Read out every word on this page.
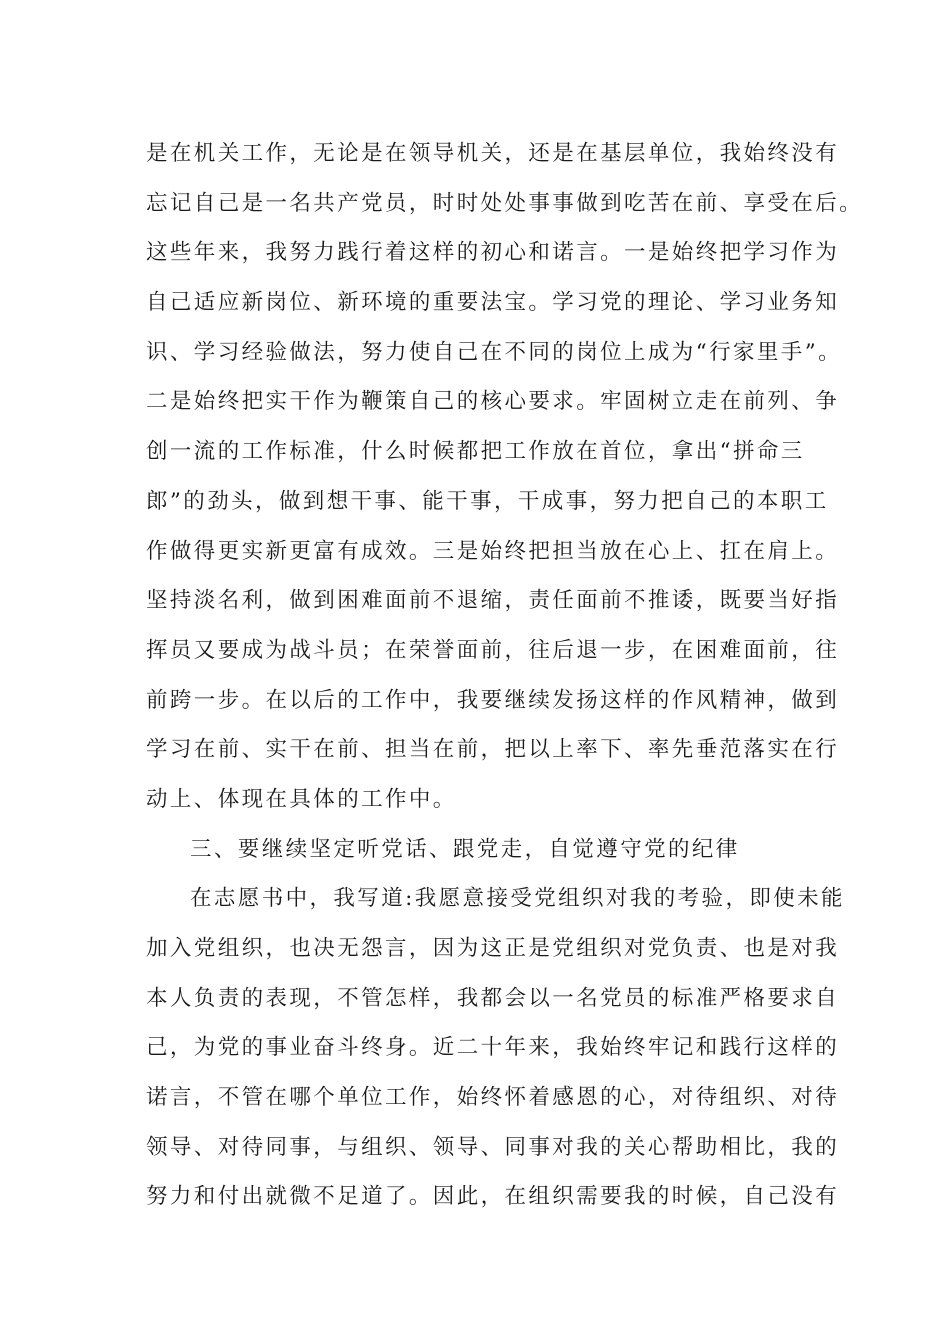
是在机关工作，无论是在领导机关，还是在基层单位，我始终没有
忘记自己是一名共产党员，时时处处事事做到吃苦在前、享受在后。
这些年来，我努力践行着这样的初心和诺言。一是始终把学习作为
自己适应新岗位、新环境的重要法宝。学习党的理论、学习业务知
识、学习经验做法，努力使自己在不同的岗位上成为“行家里手”。
二是始终把实干作为鞭策自己的核心要求。牢固树立走在前列、争
创一流的工作标准，什么时候都把工作放在首位，拿出“拼命三
郎”的劲头，做到想干事、能干事，干成事，努力把自己的本职工
作做得更实新更富有成效。三是始终把担当放在心上、扛在肩上。
坚持淡名利，做到困难面前不退缩，责任面前不推诿，既要当好指
挥员又要成为战斗员；在荣誉面前，往后退一步，在困难面前，往
前跨一步。在以后的工作中，我要继续发扬这样的作风精神，做到
学习在前、实干在前、担当在前，把以上率下、率先垂范落实在行
动上、体现在具体的工作中。
三、要继续坚定听党话、跟党走，自觉遵守党的纪律
在志愿书中，我写道:我愿意接受党组织对我的考验，即使未能
加入党组织，也决无怨言，因为这正是党组织对党负责、也是对我
本人负责的表现，不管怎样，我都会以一名党员的标准严格要求自
己，为党的事业奋斗终身。近二十年来，我始终牢记和践行这样的
诺言，不管在哪个单位工作，始终怀着感恩的心，对待组织、对待
领导、对待同事，与组织、领导、同事对我的关心帮助相比，我的
努力和付出就微不足道了。因此，在组织需要我的时候，自己没有
